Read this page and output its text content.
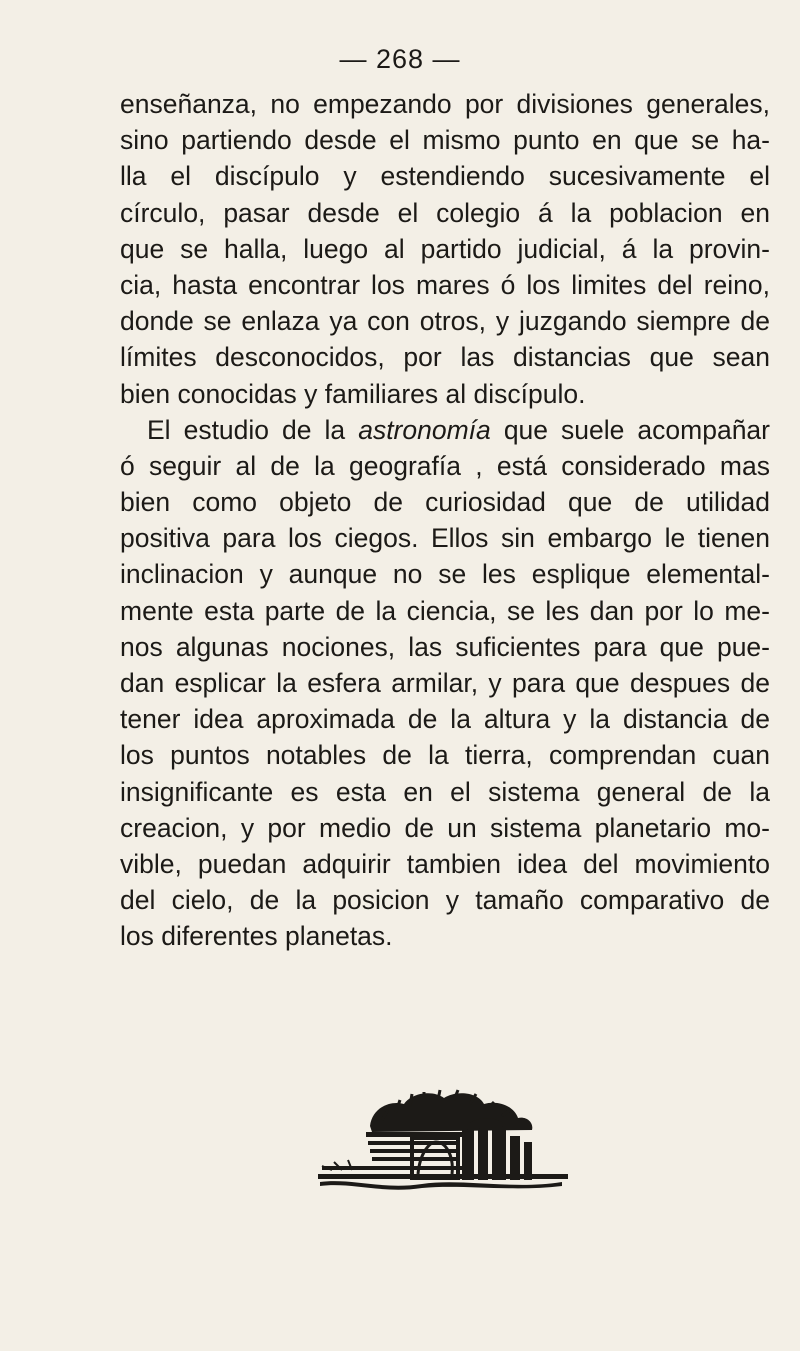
— 268 —
enseñanza, no empezando por divisiones generales,
sino partiendo desde el mismo punto en que se ha-
lla el discípulo y estendiendo sucesivamente el
círculo, pasar desde el colegio á la poblacion en
que se halla, luego al partido judicial, á la provin-
cia, hasta encontrar los mares ó los limites del reino,
donde se enlaza ya con otros, y juzgando siempre de
límites desconocidos, por las distancias que sean
bien conocidas y familiares al discípulo.
El estudio de la astronomía que suele acompañar
ó seguir al de la geografía , está considerado mas
bien como objeto de curiosidad que de utilidad
positiva para los ciegos. Ellos sin embargo le tienen
inclinacion y aunque no se les esplique elemental-
mente esta parte de la ciencia, se les dan por lo me-
nos algunas nociones, las suficientes para que pue-
dan esplicar la esfera armilar, y para que despues de
tener idea aproximada de la altura y la distancia de
los puntos notables de la tierra, comprendan cuan
insignificante es esta en el sistema general de la
creacion, y por medio de un sistema planetario mo-
vible, puedan adquirir tambien idea del movimiento
del cielo, de la posicion y tamaño comparativo de
los diferentes planetas.
